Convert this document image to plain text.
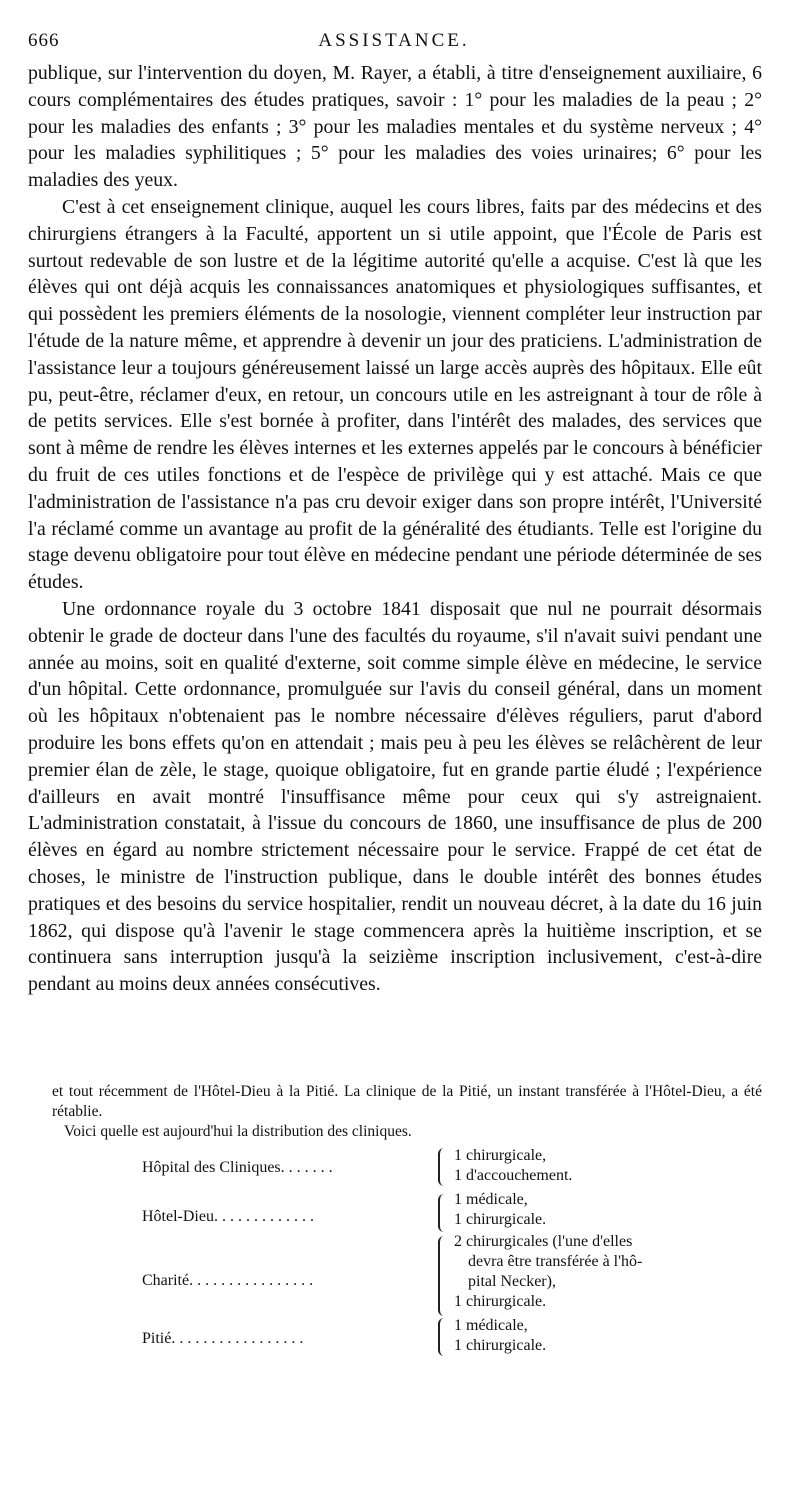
666	ASSISTANCE.

publique, sur l'intervention du doyen, M. Rayer, a établi, à titre d'enseignement auxiliaire, 6 cours complémentaires des études pratiques, savoir : 1° pour les maladies de la peau ; 2° pour les maladies des enfants ; 3° pour les maladies mentales et du système nerveux ; 4° pour les maladies syphilitiques ; 5° pour les maladies des voies urinaires; 6° pour les maladies des yeux.

C'est à cet enseignement clinique, auquel les cours libres, faits par des médecins et des chirurgiens étrangers à la Faculté, apportent un si utile appoint, que l'École de Paris est surtout redevable de son lustre et de la légitime autorité qu'elle a acquise. C'est là que les élèves qui ont déjà acquis les connaissances anatomiques et physiologiques suffisantes, et qui possèdent les premiers éléments de la nosologie, viennent compléter leur instruction par l'étude de la nature même, et apprendre à devenir un jour des praticiens. L'administration de l'assistance leur a toujours généreusement laissé un large accès auprès des hôpitaux. Elle eût pu, peut-être, réclamer d'eux, en retour, un concours utile en les astreignant à tour de rôle à de petits services. Elle s'est bornée à profiter, dans l'intérêt des malades, des services que sont à même de rendre les élèves internes et les externes appelés par le concours à bénéficier du fruit de ces utiles fonctions et de l'espèce de privilège qui y est attaché. Mais ce que l'administration de l'assistance n'a pas cru devoir exiger dans son propre intérêt, l'Université l'a réclamé comme un avantage au profit de la généralité des étudiants. Telle est l'origine du stage devenu obligatoire pour tout élève en médecine pendant une période déterminée de ses études.

Une ordonnance royale du 3 octobre 1841 disposait que nul ne pourrait désormais obtenir le grade de docteur dans l'une des facultés du royaume, s'il n'avait suivi pendant une année au moins, soit en qualité d'externe, soit comme simple élève en médecine, le service d'un hôpital. Cette ordonnance, promulguée sur l'avis du conseil général, dans un moment où les hôpitaux n'obtenaient pas le nombre nécessaire d'élèves réguliers, parut d'abord produire les bons effets qu'on en attendait ; mais peu à peu les élèves se relâchèrent de leur premier élan de zèle, le stage, quoique obligatoire, fut en grande partie éludé ; l'expérience d'ailleurs en avait montré l'insuffisance même pour ceux qui s'y astreignaient. L'administration constatait, à l'issue du concours de 1860, une insuffisance de plus de 200 élèves en égard au nombre strictement nécessaire pour le service. Frappé de cet état de choses, le ministre de l'instruction publique, dans le double intérêt des bonnes études pratiques et des besoins du service hospitalier, rendit un nouveau décret, à la date du 16 juin 1862, qui dispose qu'à l'avenir le stage commencera après la huitième inscription, et se continuera sans interruption jusqu'à la seizième inscription inclusivement, c'est-à-dire pendant au moins deux années consécutives.

et tout récemment de l'Hôtel-Dieu à la Pitié. La clinique de la Pitié, un instant transférée à l'Hôtel-Dieu, a été rétablie.

Voici quelle est aujourd'hui la distribution des cliniques.

Hôpital des Cliniques. . . . . . .
1 chirurgicale,
1 d'accouchement.
Hôtel-Dieu. . . . . . . . . . . . .
1 médicale,
1 chirurgicale.
Charité. . . . . . . . . . . . . . . .
2 chirurgicales (l'une d'elles
devra être transférée à l'hô-
pital Necker),
1 chirurgicale.
Pitié. . . . . . . . . . . . . . . . .
1 médicale,
1 chirurgicale.
